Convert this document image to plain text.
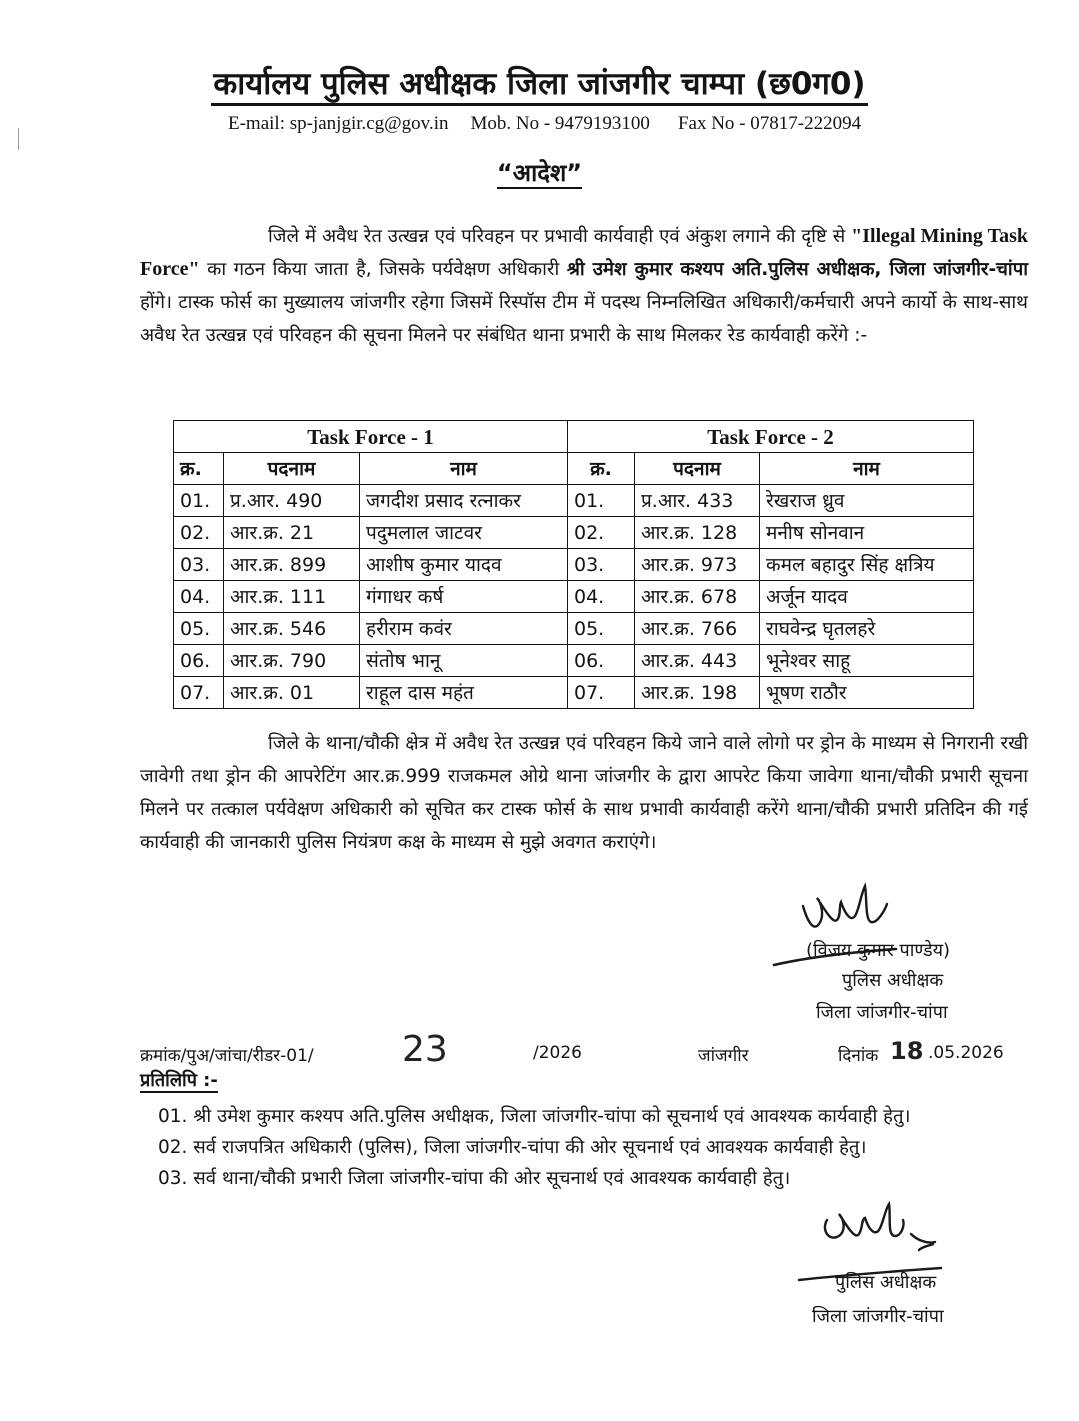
कार्यालय पुलिस अधीक्षक जिला जांजगीर चाम्पा (छ0ग0)
E-mail: sp-janjgir.cg@gov.in Mob. No - 9479193100 Fax No - 07817-222094
“आदेश”
जिले में अवैध रेत उत्खन्न एवं परिवहन पर प्रभावी कार्यवाही एवं अंकुश लगाने की दृष्टि से "Illegal Mining Task Force" का गठन किया जाता है, जिसके पर्यवेक्षण अधिकारी श्री उमेश कुमार कश्यप अति.पुलिस अधीक्षक, जिला जांजगीर-चांपा होंगे। टास्क फोर्स का मुख्यालय जांजगीर रहेगा जिसमें रिस्पॉस टीम में पदस्थ निम्नलिखित अधिकारी/कर्मचारी अपने कार्यो के साथ-साथ अवैध रेत उत्खन्न एवं परिवहन की सूचना मिलने पर संबंधित थाना प्रभारी के साथ मिलकर रेड कार्यवाही करेंगे :-
Task Force - 1			Task Force - 2		
क्र.	पदनाम	नाम	क्र.	पदनाम	नाम
01.	प्र.आर. 490	जगदीश प्रसाद रत्नाकर	01.	प्र.आर. 433	रेखराज ध्रुव
02.	आर.क्र. 21	पदुमलाल जाटवर	02.	आर.क्र. 128	मनीष सोनवान
03.	आर.क्र. 899	आशीष कुमार यादव	03.	आर.क्र. 973	कमल बहादुर सिंह क्षत्रिय
04.	आर.क्र. 111	गंगाधर कर्ष	04.	आर.क्र. 678	अर्जून यादव
05.	आर.क्र. 546	हरीराम कवंर	05.	आर.क्र. 766	राघवेन्द्र घृतलहरे
06.	आर.क्र. 790	संतोष भानू	06.	आर.क्र. 443	भूनेश्वर साहू
07.	आर.क्र. 01	राहूल दास महंत	07.	आर.क्र. 198	भूषण राठौर
जिले के थाना/चौकी क्षेत्र में अवैध रेत उत्खन्न एवं परिवहन किये जाने वाले लोगो पर ड्रोन के माध्यम से निगरानी रखी जावेगी तथा ड्रोन की आपरेटिंग आर.क्र.999 राजकमल ओग्रे थाना जांजगीर के द्वारा आपरेट किया जावेगा थाना/चौकी प्रभारी सूचना मिलने पर तत्काल पर्यवेक्षण अधिकारी को सूचित कर टास्क फोर्स के साथ प्रभावी कार्यवाही करेंगे थाना/चौकी प्रभारी प्रतिदिन की गई कार्यवाही की जानकारी पुलिस नियंत्रण कक्ष के माध्यम से मुझे अवगत कराएंगे।
(विजय कुमार पाण्डेय)
पुलिस अधीक्षक
जिला जांजगीर-चांपा
क्रमांक/पुअ/जांचा/रीडर-01/ 23	/2026	जांजगीर	दिनांक 18 .05.2026
प्रतिलिपि :-
01. श्री उमेश कुमार कश्यप अति.पुलिस अधीक्षक, जिला जांजगीर-चांपा को सूचनार्थ एवं आवश्यक कार्यवाही हेतु।
02. सर्व राजपत्रित अधिकारी (पुलिस), जिला जांजगीर-चांपा की ओर सूचनार्थ एवं आवश्यक कार्यवाही हेतु।
03. सर्व थाना/चौकी प्रभारी जिला जांजगीर-चांपा की ओर सूचनार्थ एवं आवश्यक कार्यवाही हेतु।
पुलिस अधीक्षक
जिला जांजगीर-चांपा
